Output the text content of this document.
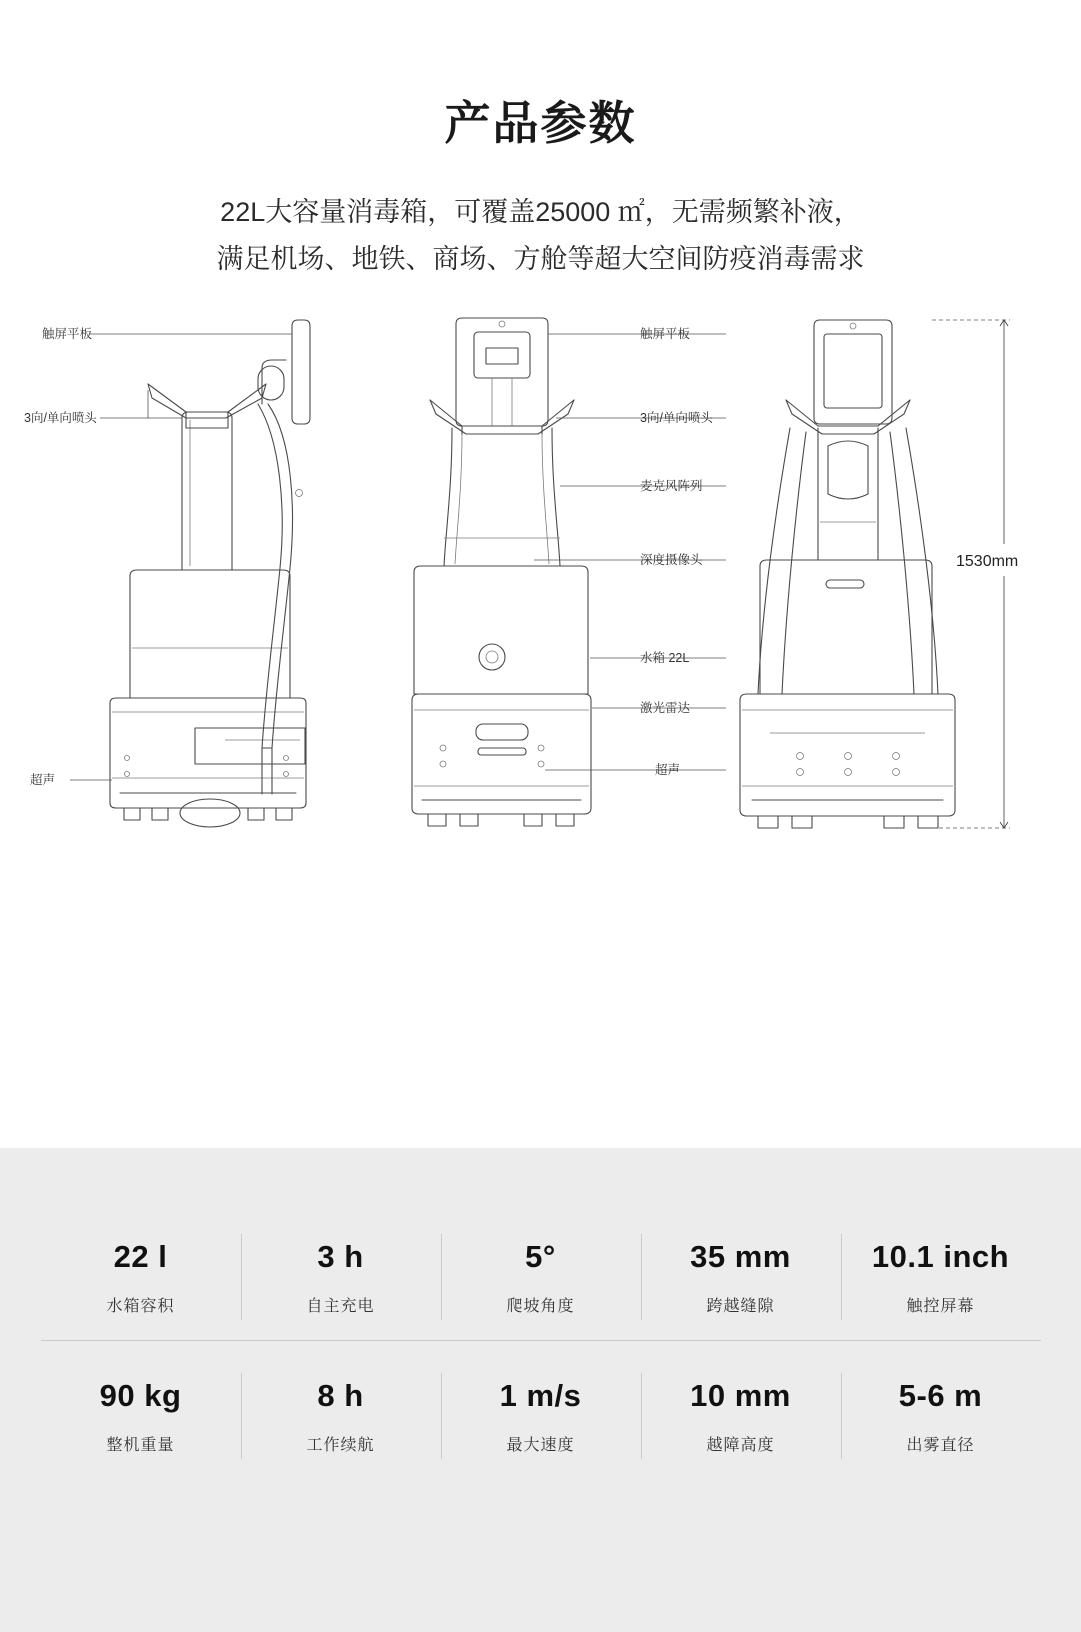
产品参数
22L大容量消毒箱，可覆盖25000 ㎡，无需频繁补液，
满足机场、地铁、商场、方舱等超大空间防疫消毒需求
触屏平板
3向/单向喷头
超声
触屏平板
3向/单向喷头
麦克风阵列
深度摄像头
水箱 22L
激光雷达
超声
1530mm
22 l
水箱容积
3 h
自主充电
5°
爬坡角度
35 mm
跨越缝隙
10.1 inch
触控屏幕
90 kg
整机重量
8 h
工作续航
1 m/s
最大速度
10 mm
越障高度
5-6 m
出雾直径
